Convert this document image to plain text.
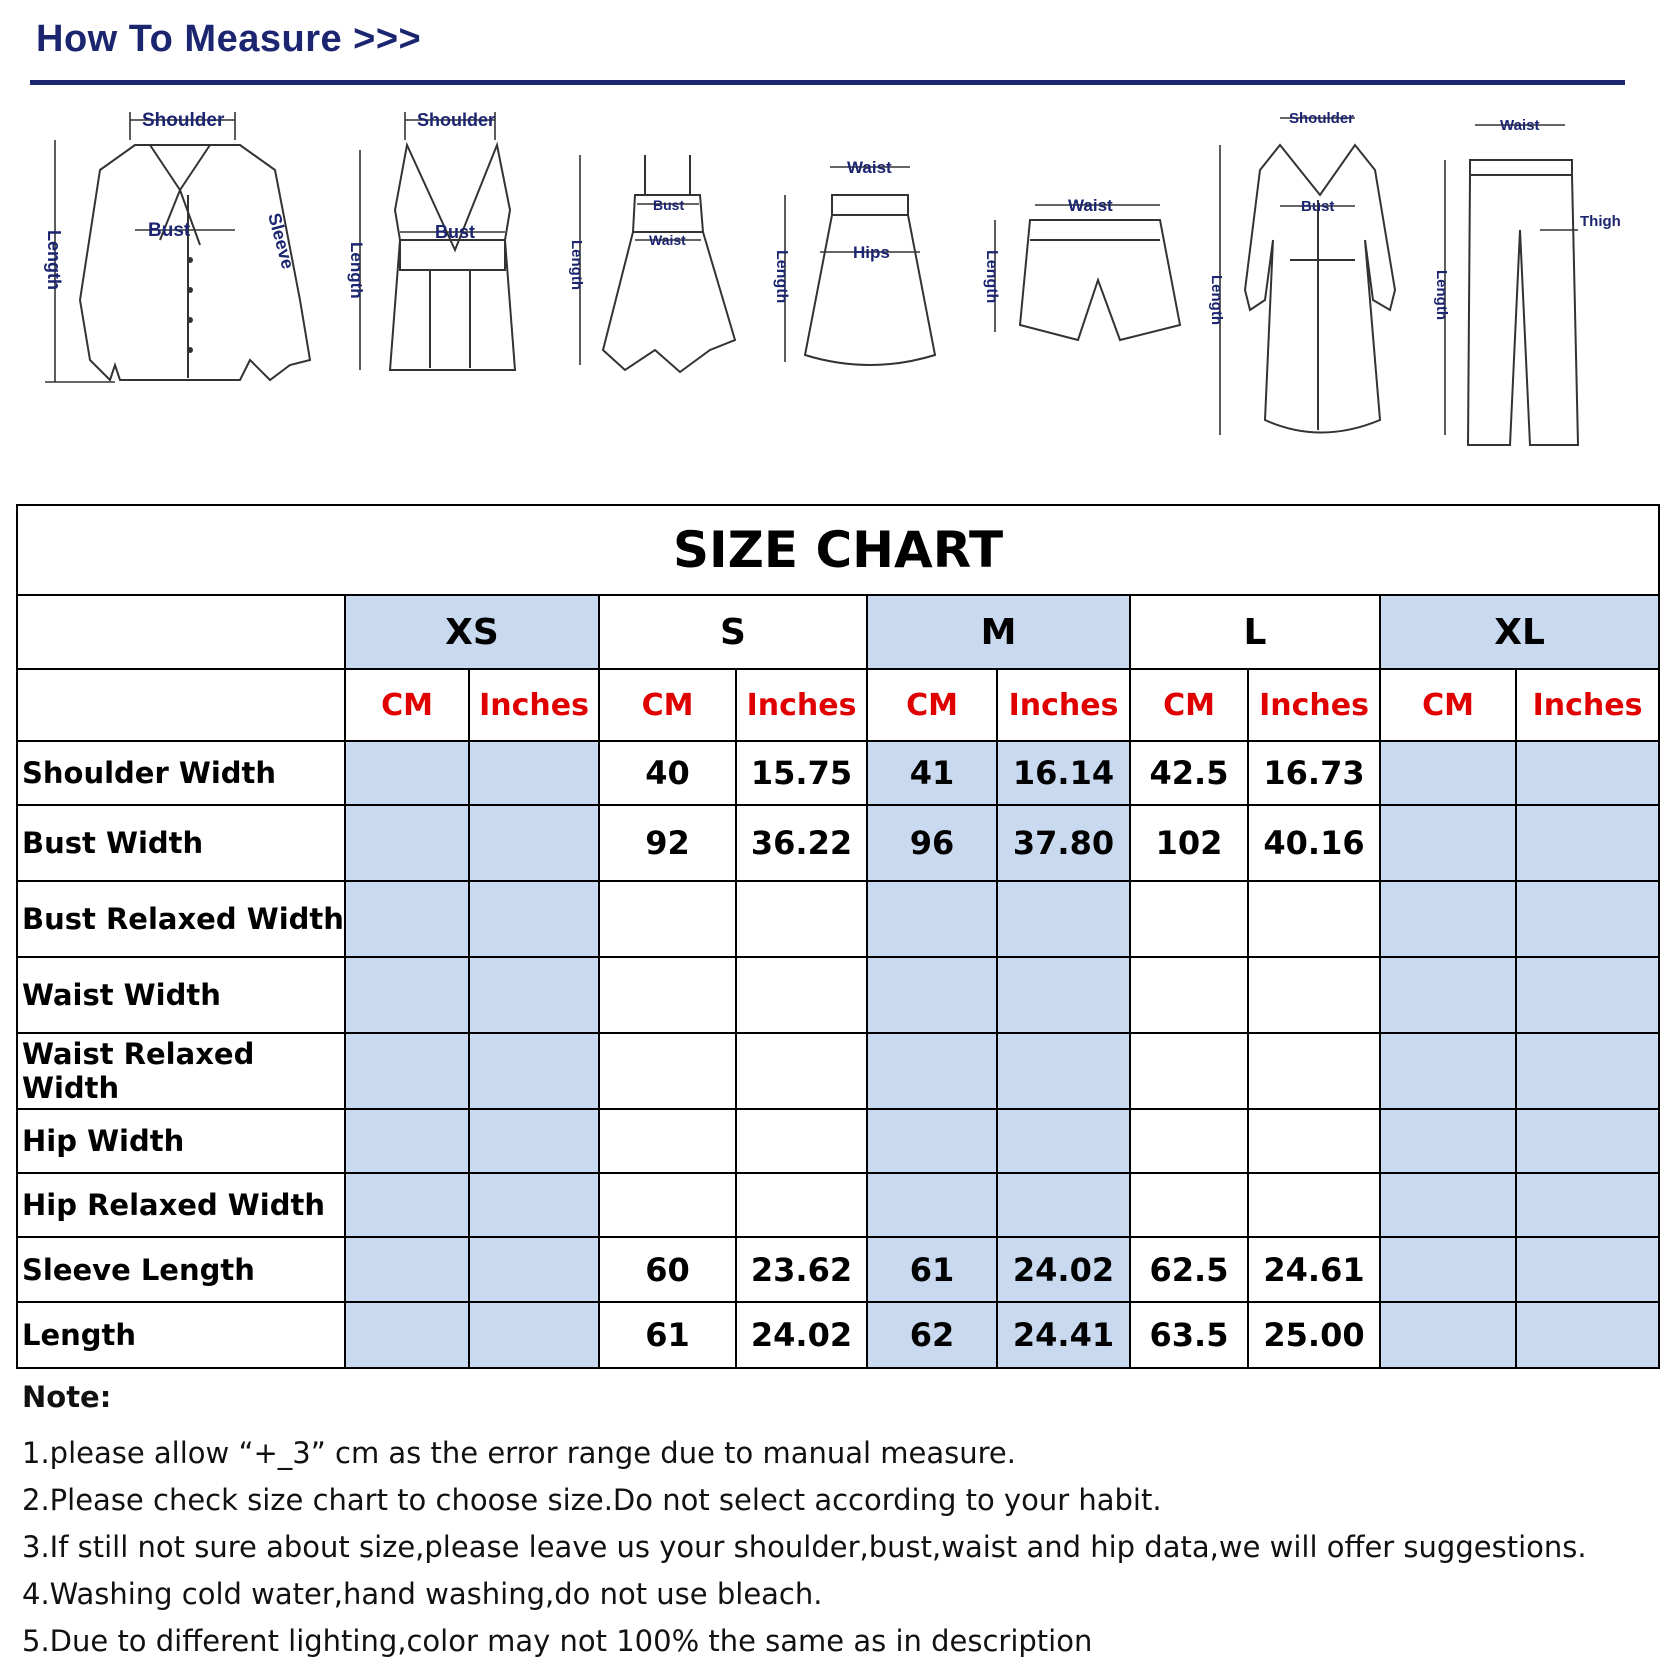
How To Measure >>>
Shoulder
Bust
Length	Sleeve
Shoulder
Bust
Length
Bust
Waist
Length
Waist
Hips
Length
Waist
Length
Shoulder
Bust
Length
Waist
Thigh
Length
SIZE CHART										
	XS		S		M		L		XL	
	CM	Inches	CM	Inches	CM	Inches	CM	Inches	CM	Inches
Shoulder Width			40	15.75	41	16.14	42.5	16.73		
Bust Width			92	36.22	96	37.80	102	40.16		
Bust Relaxed Width										
Waist Width										
Waist Relaxed Width										
Hip Width										
Hip Relaxed Width										
Sleeve Length			60	23.62	61	24.02	62.5	24.61		
Length			61	24.02	62	24.41	63.5	25.00		
Note:
1.please allow “+_3” cm as the error range due to manual measure.
2.Please check size chart to choose size.Do not select according to your habit.
3.If still not sure about size,please leave us your shoulder,bust,waist and hip data,we will offer suggestions.
4.Washing cold water,hand washing,do not use bleach.
5.Due to different lighting,color may not 100% the same as in description
